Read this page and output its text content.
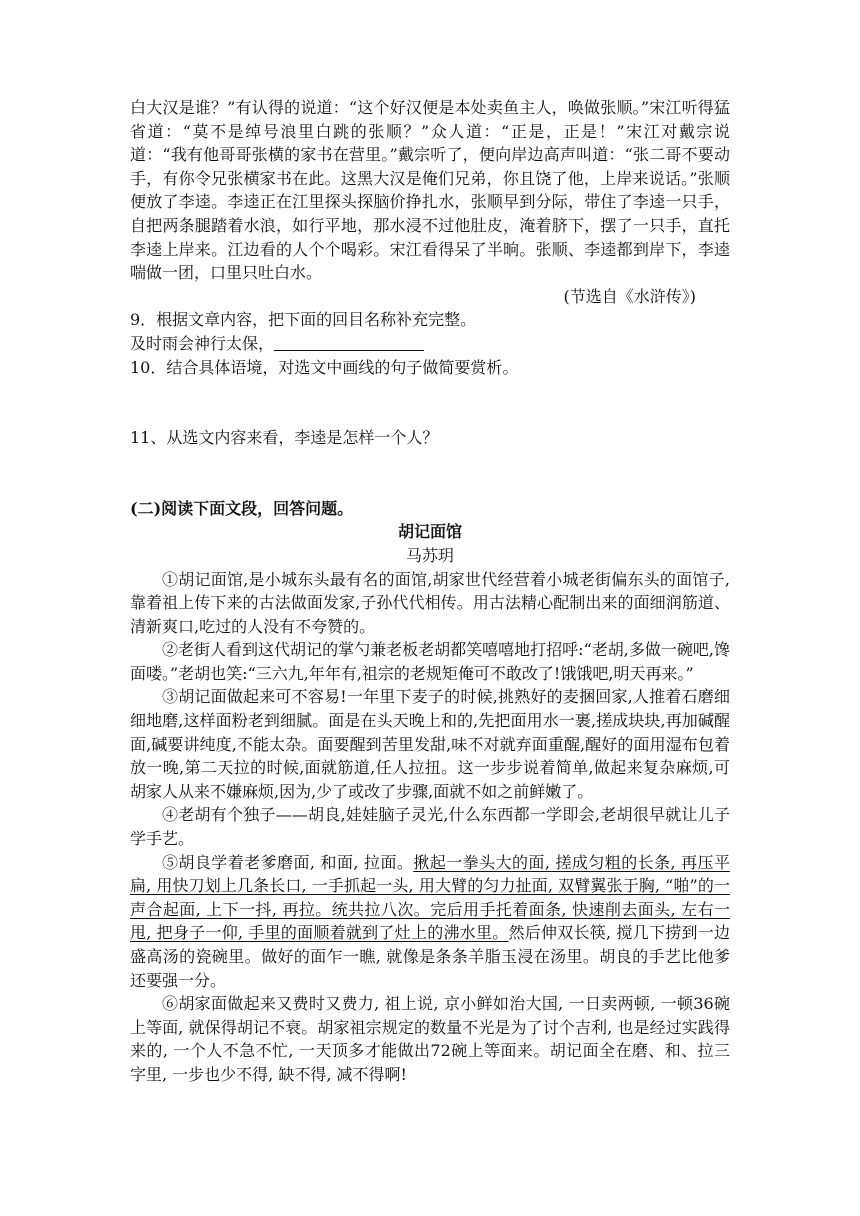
白大汉是谁？”有认得的说道：“这个好汉便是本处卖鱼主人，唤做张顺。”宋江听得猛省道：“莫不是绰号浪里白跳的张顺？”众人道：“正是，正是！”宋江对戴宗说道：“我有他哥哥张横的家书在营里。”戴宗听了，便向岸边高声叫道：“张二哥不要动手，有你令兄张横家书在此。这黑大汉是俺们兄弟，你且饶了他，上岸来说话。”张顺便放了李逵。李逵正在江里探头探脑价挣扎水，张顺早到分际，带住了李逵一只手，自把两条腿踏着水浪，如行平地，那水浸不过他肚皮，淹着脐下，摆了一只手，直托李逵上岸来。江边看的人个个喝彩。宋江看得呆了半晌。张顺、李逵都到岸下，李逵喘做一团，口里只吐白水。

(节选自《水浒传》)

9．根据文章内容，把下面的回目名称补充完整。

及时雨会神行太保，

10．结合具体语境，对选文中画线的句子做简要赏析。

11、从选文内容来看，李逵是怎样一个人？

(二)阅读下面文段，回答问题。

胡记面馆

马苏玥

①胡记面馆,是小城东头最有名的面馆,胡家世代经营着小城老街偏东头的面馆子,靠着祖上传下来的古法做面发家,子孙代代相传。用古法精心配制出来的面细润筋道、清新爽口,吃过的人没有不夸赞的。

②老街人看到这代胡记的掌勺兼老板老胡都笑嘻嘻地打招呼:“老胡,多做一碗吧,馋面喽。”老胡也笑:“三六九,年年有,祖宗的老规矩俺可不敢改了!饿饿吧,明天再来。”

③胡记面做起来可不容易!一年里下麦子的时候,挑熟好的麦捆回家,人推着石磨细细地磨,这样面粉老到细腻。面是在头天晚上和的,先把面用水一裹,搓成块块,再加碱醒面,碱要讲纯度,不能太杂。面要醒到苦里发甜,味不对就弃面重醒,醒好的面用湿布包着放一晚,第二天拉的时候,面就筋道,任人拉扭。这一步步说着简单,做起来复杂麻烦,可胡家人从来不嫌麻烦,因为,少了或改了步骤,面就不如之前鲜嫩了。

④老胡有个独子——胡良,娃娃脑子灵光,什么东西都一学即会,老胡很早就让儿子学手艺。

⑤胡良学着老爹磨面, 和面, 拉面。揪起一拳头大的面, 搓成匀粗的长条, 再压平扁, 用快刀划上几条长口, 一手抓起一头, 用大臂的匀力扯面, 双臂翼张于胸, “啪”的一声合起面, 上下一抖, 再拉。统共拉八次。完后用手托着面条, 快速削去面头, 左右一甩, 把身子一仰, 手里的面顺着就到了灶上的沸水里。然后伸双长筷, 搅几下捞到一边盛高汤的瓷碗里。做好的面乍一瞧, 就像是条条羊脂玉浸在汤里。胡良的手艺比他爹还要强一分。

⑥胡家面做起来又费时又费力, 祖上说, 京小鲜如治大国, 一日卖两顿, 一顿36碗上等面, 就保得胡记不衰。胡家祖宗规定的数量不光是为了讨个吉利, 也是经过实践得来的, 一个人不急不忙, 一天顶多才能做出72碗上等面来。胡记面全在磨、和、拉三字里, 一步也少不得, 缺不得, 减不得啊!
